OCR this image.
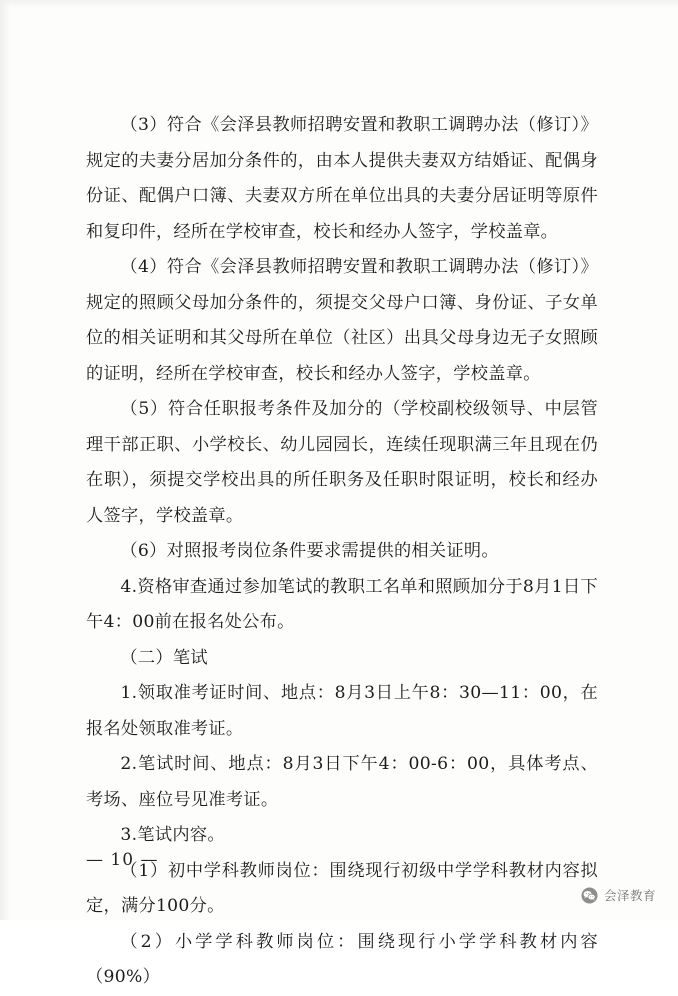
（3）符合《会泽县教师招聘安置和教职工调聘办法（修订）》规定的夫妻分居加分条件的，由本人提供夫妻双方结婚证、配偶身份证、配偶户口簿、夫妻双方所在单位出具的夫妻分居证明等原件和复印件，经所在学校审查，校长和经办人签字，学校盖章。

（4）符合《会泽县教师招聘安置和教职工调聘办法（修订）》规定的照顾父母加分条件的，须提交父母户口簿、身份证、子女单位的相关证明和其父母所在单位（社区）出具父母身边无子女照顾的证明，经所在学校审查，校长和经办人签字，学校盖章。

（5）符合任职报考条件及加分的（学校副校级领导、中层管理干部正职、小学校长、幼儿园园长，连续任现职满三年且现在仍在职），须提交学校出具的所任职务及任职时限证明，校长和经办人签字，学校盖章。

（6）对照报考岗位条件要求需提供的相关证明。

4.资格审查通过参加笔试的教职工名单和照顾加分于8月1日下午4：00前在报名处公布。

（二）笔试

1.领取准考证时间、地点：8月3日上午8：30—11：00，在报名处领取准考证。

2.笔试时间、地点：8月3日下午4：00-6：00，具体考点、考场、座位号见准考证。

3.笔试内容。

（1）初中学科教师岗位：围绕现行初级中学学科教材内容拟定，满分100分。

（2）小学学科教师岗位：围绕现行小学学科教材内容（90%）

— 10 —
会泽教育
